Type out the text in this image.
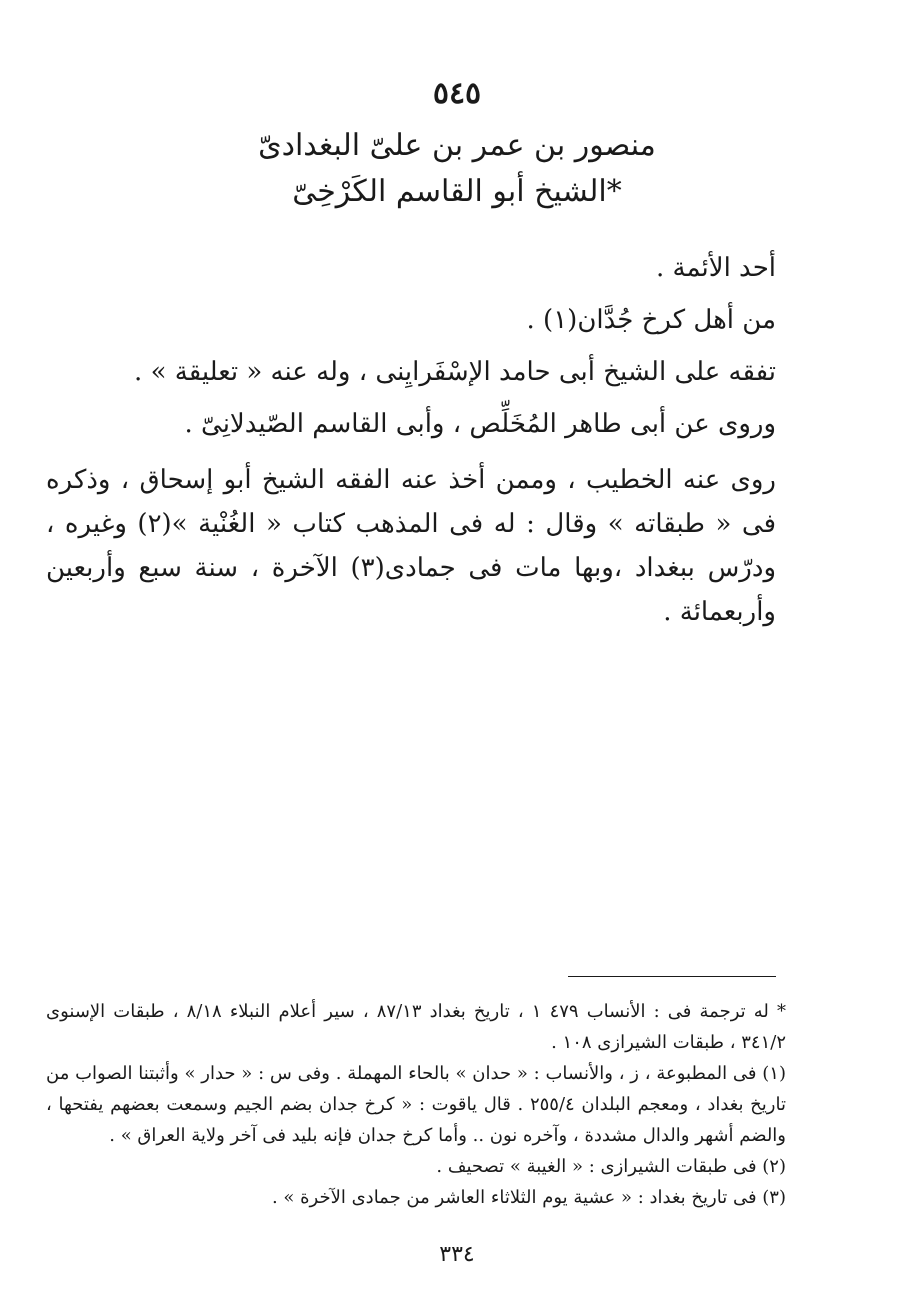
٥٤٥
منصور بن عمر بن علىّ البغدادىّ
الشيخ أبو القاسم الكَرْخِىّ*

أحد الأئمة .

من أهل كرخ جُدَّان(١) .

تفقه على الشيخ أبى حامد الإسْفَرايِنى ، وله عنه « تعليقة » .

وروى عن أبى طاهر المُخَلِّص ، وأبى القاسم الصّيدلانِىّ .

روى عنه الخطيب ، وممن أخذ عنه الفقه الشيخ أبو إسحاق ، وذكره فى « طبقاته » وقال : له فى المذهب كتاب « الغُنْية »(٢) وغيره ، ودرّس ببغداد ،وبها مات فى جمادى(٣) الآخرة ، سنة سبع وأربعين وأربعمائة .

* له ترجمة فى : الأنساب ٤٧٩ ١ ، تاريخ بغداد ٨٧/١٣ ، سير أعلام النبلاء ٨/١٨ ، طبقات الإسنوى ٣٤١/٢ ، طبقات الشيرازى ١٠٨ .

(١) فى المطبوعة ، ز ، والأنساب : « حدان » بالحاء المهملة . وفى س : « حدار » وأثبتنا الصواب من تاريخ بغداد ، ومعجم البلدان ٢٥٥/٤ . قال ياقوت : « كرخ جدان بضم الجيم وسمعت بعضهم يفتحها ، والضم أشهر والدال مشددة ، وآخره نون .. وأما كرخ جدان فإنه بليد فى آخر ولاية العراق » .

(٢) فى طبقات الشيرازى : « الغيبة » تصحيف .

(٣) فى تاريخ بغداد : « عشية يوم الثلاثاء العاشر من جمادى الآخرة » .

٣٣٤
